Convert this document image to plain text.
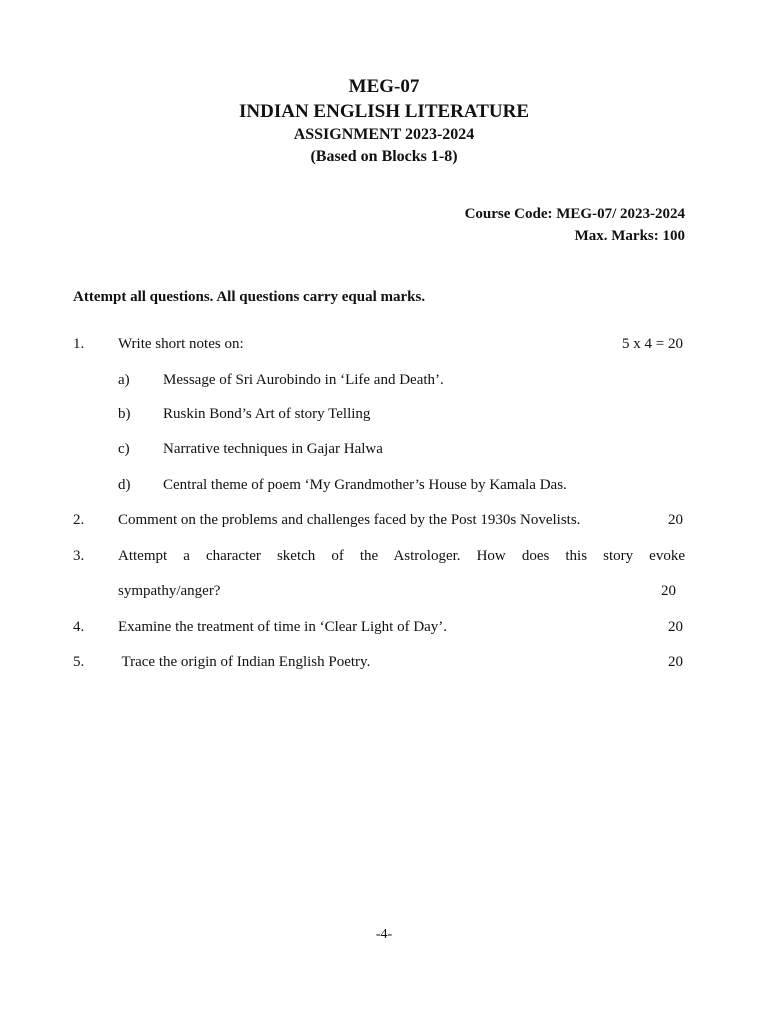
MEG-07
INDIAN ENGLISH LITERATURE
ASSIGNMENT 2023-2024
(Based on Blocks 1-8)
Course Code: MEG-07/ 2023-2024
Max. Marks: 100
Attempt all questions. All questions carry equal marks.
1. Write short notes on:	5 x 4 = 20
a) Message of Sri Aurobindo in ‘Life and Death’.
b) Ruskin Bond’s Art of story Telling
c) Narrative techniques in Gajar Halwa
d) Central theme of poem ‘My Grandmother’s House by Kamala Das.
2. Comment on the problems and challenges faced by the Post 1930s Novelists.	20
3. Attempt a character sketch of the Astrologer. How does this story evoke
sympathy/anger?	20
4. Examine the treatment of time in ‘Clear Light of Day’.	20
5. Trace the origin of Indian English Poetry.	20
-4-
